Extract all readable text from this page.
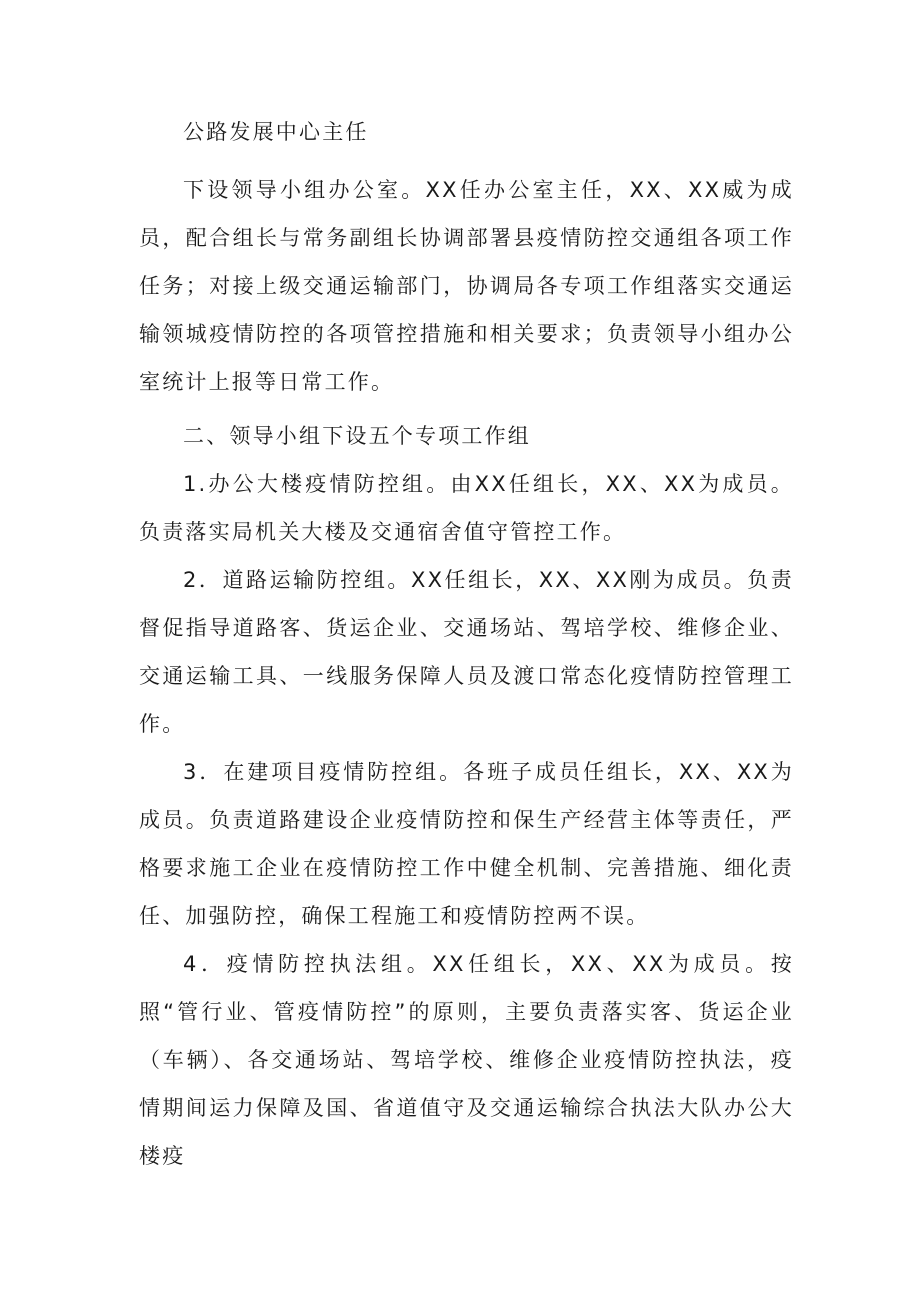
公路发展中心主任

下设领导小组办公室。XX任办公室主任，XX、XX威为成员，配合组长与常务副组长协调部署县疫情防控交通组各项工作任务；对接上级交通运输部门，协调局各专项工作组落实交通运输领城疫情防控的各项管控措施和相关要求；负责领导小组办公室统计上报等日常工作。

二、领导小组下设五个专项工作组

1.办公大楼疫情防控组。由XX任组长，XX、XX为成员。负责落实局机关大楼及交通宿舍值守管控工作。

2．道路运输防控组。XX任组长，XX、XX刚为成员。负责督促指导道路客、货运企业、交通场站、驾培学校、维修企业、交通运输工具、一线服务保障人员及渡口常态化疫情防控管理工作。

3．在建项目疫情防控组。各班子成员任组长，XX、XX为成员。负责道路建设企业疫情防控和保生产经营主体等责任，严格要求施工企业在疫情防控工作中健全机制、完善措施、细化责任、加强防控，确保工程施工和疫情防控两不误。

4．疫情防控执法组。XX任组长，XX、XX为成员。按照“管行业、管疫情防控”的原则，主要负责落实客、货运企业（车辆）、各交通场站、驾培学校、维修企业疫情防控执法，疫情期间运力保障及国、省道值守及交通运输综合执法大队办公大楼疫
